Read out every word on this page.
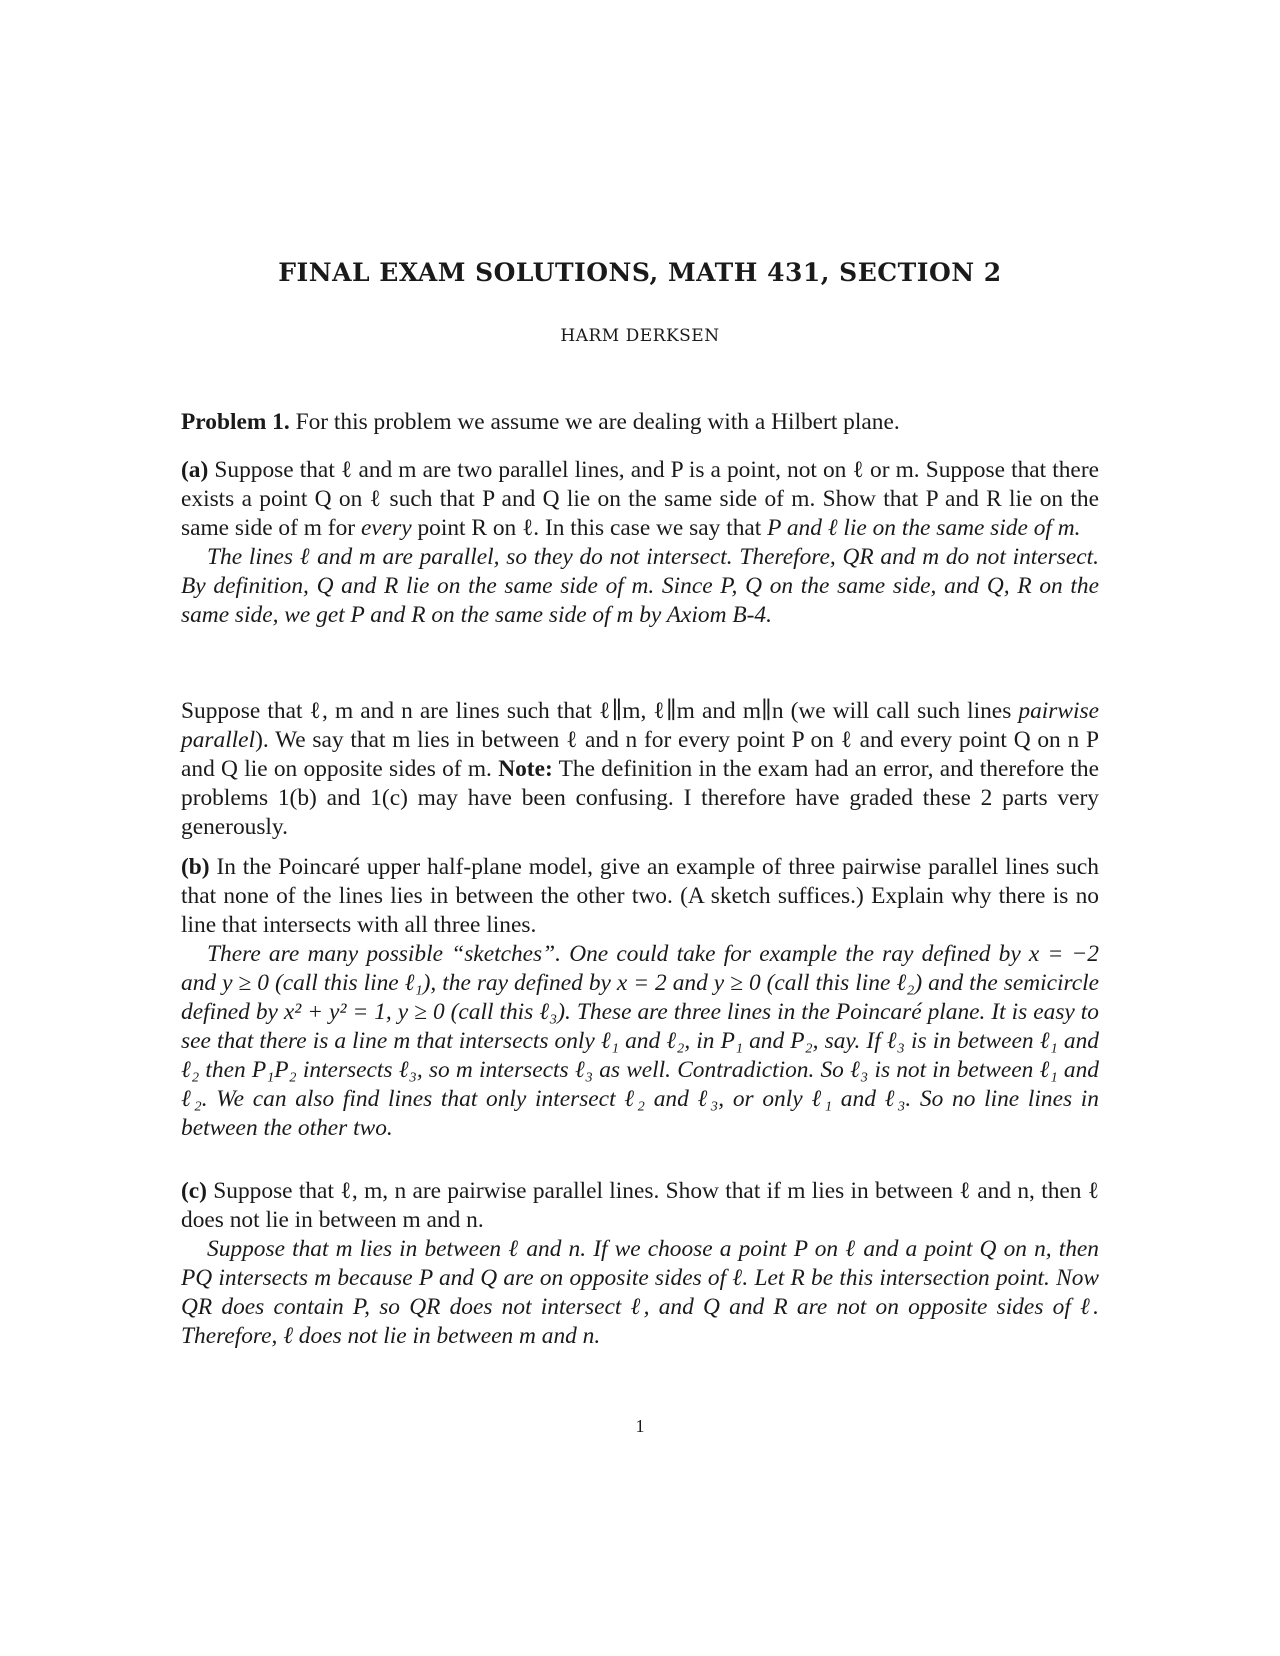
FINAL EXAM SOLUTIONS, MATH 431, SECTION 2
HARM DERKSEN

Problem 1. For this problem we assume we are dealing with a Hilbert plane.

(a) Suppose that ℓ and m are two parallel lines, and P is a point, not on ℓ or m. Suppose that there exists a point Q on ℓ such that P and Q lie on the same side of m. Show that P and R lie on the same side of m for every point R on ℓ. In this case we say that P and ℓ lie on the same side of m.

The lines ℓ and m are parallel, so they do not intersect. Therefore, QR and m do not intersect. By definition, Q and R lie on the same side of m. Since P, Q on the same side, and Q, R on the same side, we get P and R on the same side of m by Axiom B-4.

Suppose that ℓ, m and n are lines such that ℓ∥m, ℓ∥m and m∥n (we will call such lines pairwise parallel). We say that m lies in between ℓ and n for every point P on ℓ and every point Q on n P and Q lie on opposite sides of m. Note: The definition in the exam had an error, and therefore the problems 1(b) and 1(c) may have been confusing. I therefore have graded these 2 parts very generously.

(b) In the Poincaré upper half-plane model, give an example of three pairwise parallel lines such that none of the lines lies in between the other two. (A sketch suffices.) Explain why there is no line that intersects with all three lines.

There are many possible “sketches”. One could take for example the ray defined by x = −2 and y ≥ 0 (call this line ℓ₁), the ray defined by x = 2 and y ≥ 0 (call this line ℓ₂) and the semicircle defined by x² + y² = 1, y ≥ 0 (call this ℓ₃). These are three lines in the Poincaré plane. It is easy to see that there is a line m that intersects only ℓ₁ and ℓ₂, in P₁ and P₂, say. If ℓ₃ is in between ℓ₁ and ℓ₂ then P₁P₂ intersects ℓ₃, so m intersects ℓ₃ as well. Contradiction. So ℓ₃ is not in between ℓ₁ and ℓ₂. We can also find lines that only intersect ℓ₂ and ℓ₃, or only ℓ₁ and ℓ₃. So no line lines in between the other two.

(c) Suppose that ℓ, m, n are pairwise parallel lines. Show that if m lies in between ℓ and n, then ℓ does not lie in between m and n.

Suppose that m lies in between ℓ and n. If we choose a point P on ℓ and a point Q on n, then PQ intersects m because P and Q are on opposite sides of ℓ. Let R be this intersection point. Now QR does contain P, so QR does not intersect ℓ, and Q and R are not on opposite sides of ℓ. Therefore, ℓ does not lie in between m and n.

1
